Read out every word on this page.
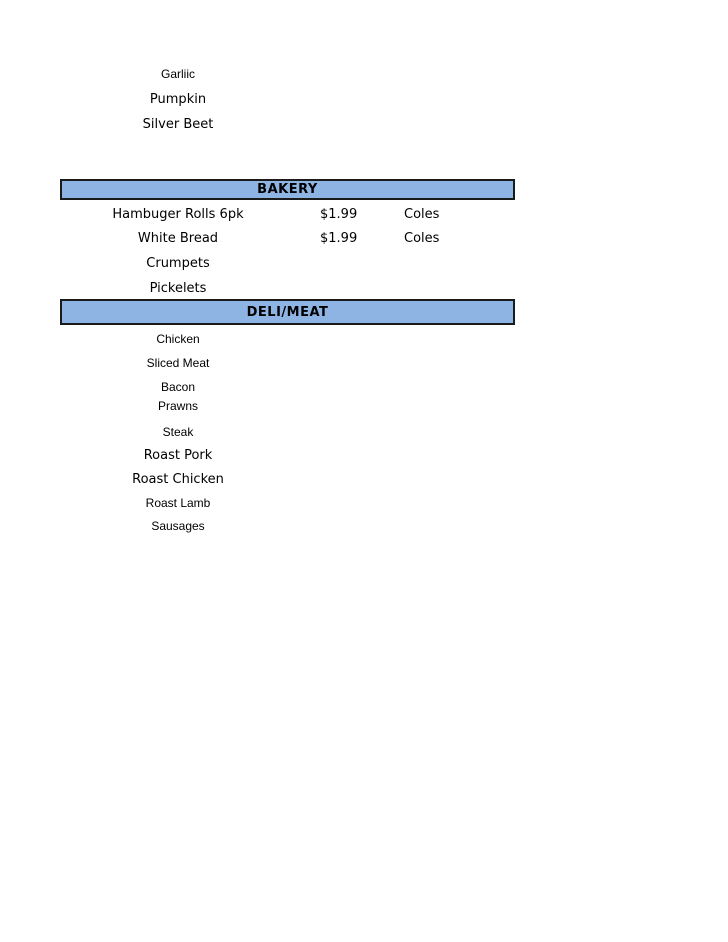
Garliic
Pumpkin
Silver Beet
BAKERY
Hambuger Rolls 6pk	$1.99	Coles
White Bread	$1.99	Coles
Crumpets
Pickelets
DELI/MEAT
Chicken
Sliced Meat
Bacon
Prawns
Steak
Roast Pork
Roast Chicken
Roast Lamb
Sausages
